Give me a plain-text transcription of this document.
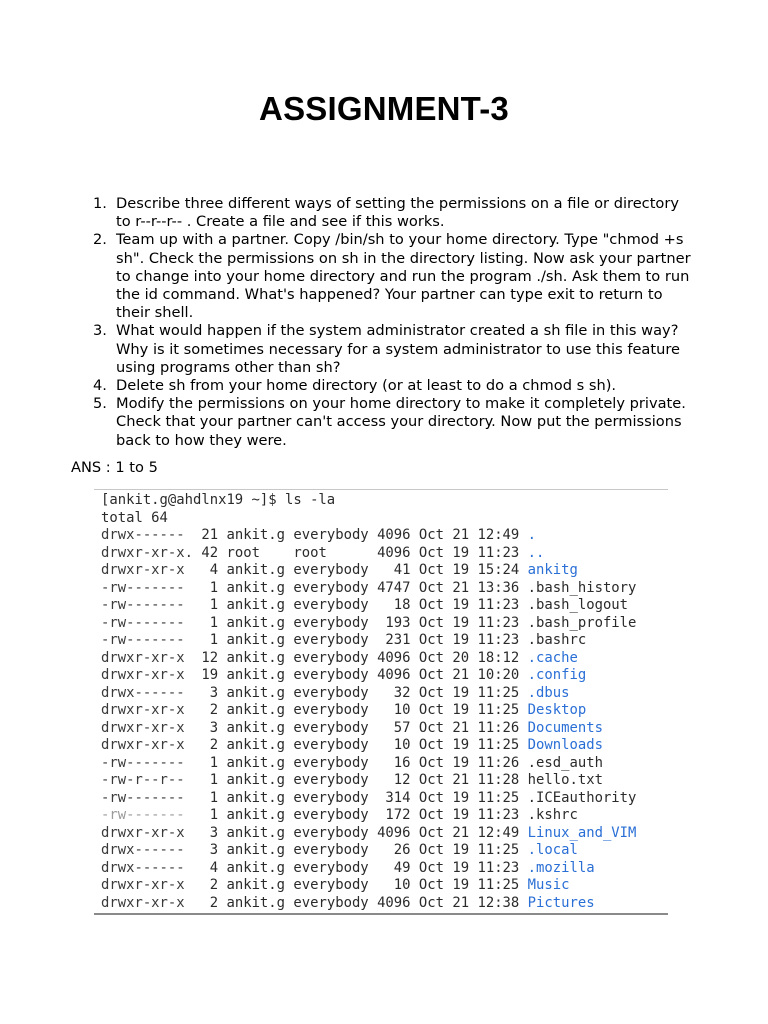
ASSIGNMENT-3
1. Describe three different ways of setting the permissions on a file or directory to r--r--r-- . Create a file and see if this works.
2. Team up with a partner. Copy /bin/sh to your home directory. Type "chmod +s sh". Check the permissions on sh in the directory listing. Now ask your partner to change into your home directory and run the program ./sh. Ask them to run the id command. What's happened? Your partner can type exit to return to their shell.
3. What would happen if the system administrator created a sh file in this way? Why is it sometimes necessary for a system administrator to use this feature using programs other than sh?
4. Delete sh from your home directory (or at least to do a chmod s sh).
5. Modify the permissions on your home directory to make it completely private. Check that your partner can't access your directory. Now put the permissions back to how they were.
ANS : 1 to 5
[ankit.g@ahdlnx19 ~]$ ls -la
total 64
drwx------  21 ankit.g everybody 4096 Oct 21 12:49 .
drwxr-xr-x. 42 root    root      4096 Oct 19 11:23 ..
drwxr-xr-x   4 ankit.g everybody   41 Oct 19 15:24 ankitg
-rw-------   1 ankit.g everybody 4747 Oct 21 13:36 .bash_history
-rw-------   1 ankit.g everybody   18 Oct 19 11:23 .bash_logout
-rw-------   1 ankit.g everybody  193 Oct 19 11:23 .bash_profile
-rw-------   1 ankit.g everybody  231 Oct 19 11:23 .bashrc
drwxr-xr-x  12 ankit.g everybody 4096 Oct 20 18:12 .cache
drwxr-xr-x  19 ankit.g everybody 4096 Oct 21 10:20 .config
drwx------   3 ankit.g everybody   32 Oct 19 11:25 .dbus
drwxr-xr-x   2 ankit.g everybody   10 Oct 19 11:25 Desktop
drwxr-xr-x   3 ankit.g everybody   57 Oct 21 11:26 Documents
drwxr-xr-x   2 ankit.g everybody   10 Oct 19 11:25 Downloads
-rw-------   1 ankit.g everybody   16 Oct 19 11:26 .esd_auth
-rw-r--r--   1 ankit.g everybody   12 Oct 21 11:28 hello.txt
-rw-------   1 ankit.g everybody  314 Oct 19 11:25 .ICEauthority
-rw-------   1 ankit.g everybody  172 Oct 19 11:23 .kshrc
drwxr-xr-x   3 ankit.g everybody 4096 Oct 21 12:49 Linux_and_VIM
drwx------   3 ankit.g everybody   26 Oct 19 11:25 .local
drwx------   4 ankit.g everybody   49 Oct 19 11:23 .mozilla
drwxr-xr-x   2 ankit.g everybody   10 Oct 19 11:25 Music
drwxr-xr-x   2 ankit.g everybody 4096 Oct 21 12:38 Pictures
